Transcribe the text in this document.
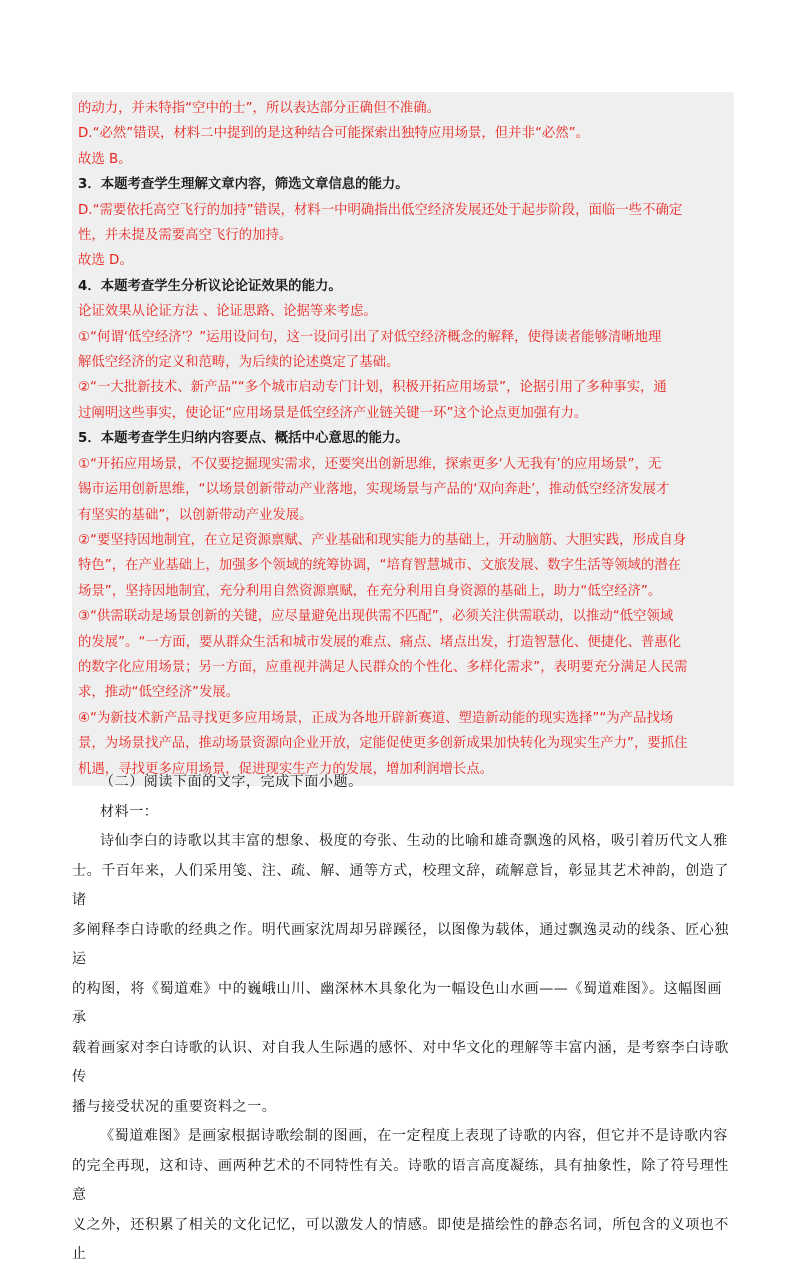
的动力，并未特指“空中的士”，所以表达部分正确但不准确。

D.“必然”错误，材料二中提到的是这种结合可能探索出独特应用场景，但并非“必然”。

故选 B。

3．本题考查学生理解文章内容，筛选文章信息的能力。

D.“需要依托高空飞行的加持”错误，材料一中明确指出低空经济发展还处于起步阶段，面临一些不确定

性，并未提及需要高空飞行的加持。

故选 D。

4．本题考查学生分析议论论证效果的能力。

论证效果从论证方法 、论证思路、论据等来考虑。

①“何谓‘低空经济’？”运用设问句，这一设问引出了对低空经济概念的解释，使得读者能够清晰地理

解低空经济的定义和范畴，为后续的论述奠定了基础。

②“一大批新技术、新产品”“多个城市启动专门计划，积极开拓应用场景”，论据引用了多种事实，通

过阐明这些事实，使论证“应用场景是低空经济产业链关键一环”这个论点更加强有力。

5．本题考查学生归纳内容要点、概括中心意思的能力。

①“开拓应用场景，不仅要挖掘现实需求，还要突出创新思维，探索更多‘人无我有’的应用场景”，无

锡市运用创新思维，“以场景创新带动产业落地，实现场景与产品的‘双向奔赴’，推动低空经济发展才

有坚实的基础”，以创新带动产业发展。

②“要坚持因地制宜，在立足资源禀赋、产业基础和现实能力的基础上，开动脑筋、大胆实践，形成自身

特色”，在产业基础上，加强多个领域的统筹协调，“培育智慧城市、文旅发展、数字生活等领域的潜在

场景”，坚持因地制宜，充分利用自然资源禀赋，在充分利用自身资源的基础上，助力“低空经济”。

③“供需联动是场景创新的关键，应尽量避免出现供需不匹配”，必须关注供需联动，以推动“低空领域

的发展”。“一方面，要从群众生活和城市发展的难点、痛点、堵点出发，打造智慧化、便捷化、普惠化

的数字化应用场景；另一方面，应重视并满足人民群众的个性化、多样化需求”，表明要充分满足人民需

求，推动“低空经济”发展。

④“为新技术新产品寻找更多应用场景，正成为各地开辟新赛道、塑造新动能的现实选择”“为产品找场

景，为场景找产品，推动场景资源向企业开放，定能促使更多创新成果加快转化为现实生产力”，要抓住

机遇，寻找更多应用场景，促进现实生产力的发展，增加利润增长点。

（二）阅读下面的文字，完成下面小题。

材料一：

诗仙李白的诗歌以其丰富的想象、极度的夸张、生动的比喻和雄奇飘逸的风格，吸引着历代文人雅

士。千百年来，人们采用笺、注、疏、解、通等方式，校理文辞，疏解意旨，彰显其艺术神韵，创造了诸

多阐释李白诗歌的经典之作。明代画家沈周却另辟蹊径，以图像为载体，通过飘逸灵动的线条、匠心独运

的构图，将《蜀道难》中的巍峨山川、幽深林木具象化为一幅设色山水画——《蜀道难图》。这幅图画承

载着画家对李白诗歌的认识、对自我人生际遇的感怀、对中华文化的理解等丰富内涵，是考察李白诗歌传

播与接受状况的重要资料之一。

《蜀道难图》是画家根据诗歌绘制的图画，在一定程度上表现了诗歌的内容，但它并不是诗歌内容

的完全再现，这和诗、画两种艺术的不同特性有关。诗歌的语言高度凝练，具有抽象性，除了符号理性意

义之外，还积累了相关的文化记忆，可以激发人的情感。即使是描绘性的静态名词，所包含的义项也不止
